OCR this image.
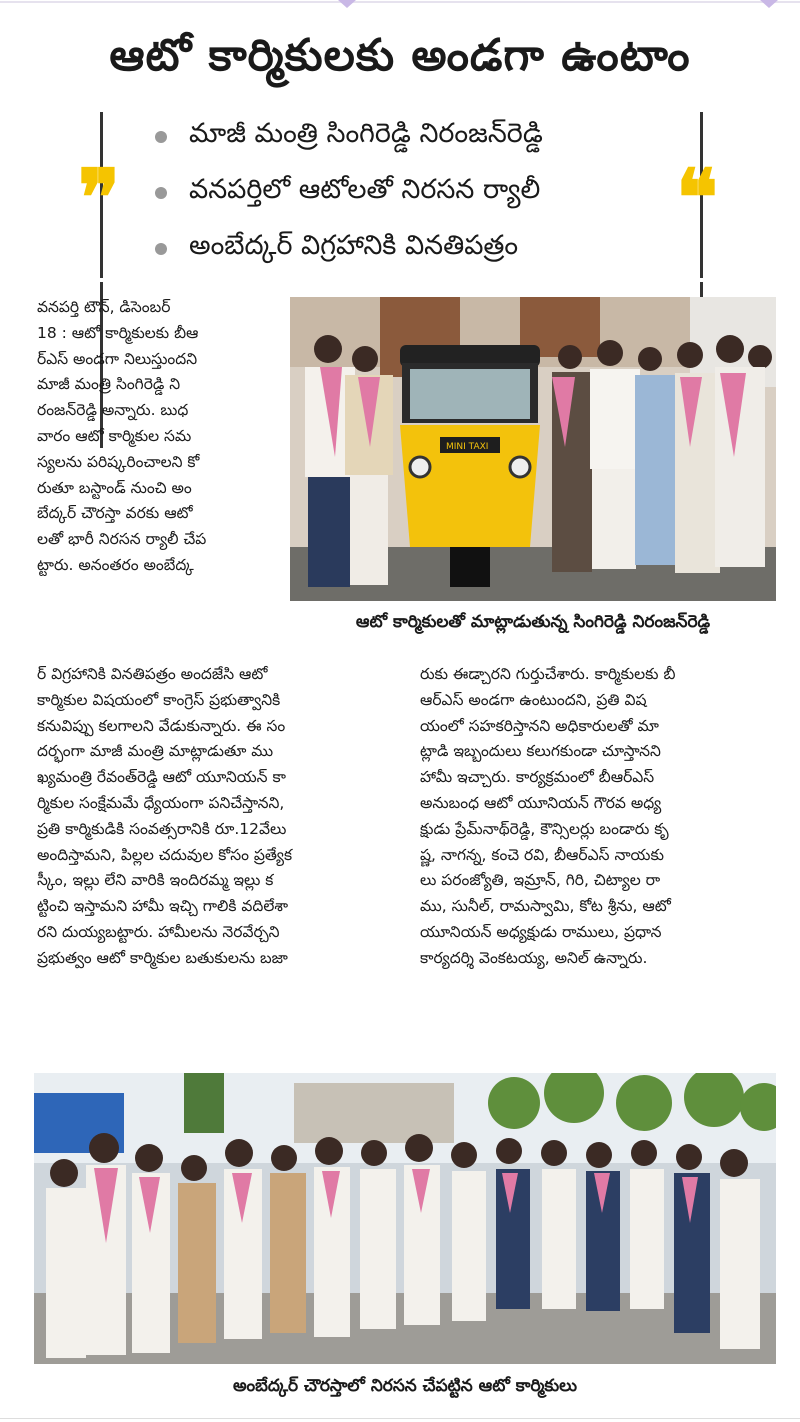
ఆటో కార్మికులకు అండగా ఉంటాం
❞	❝
మాజీ మంత్రి సింగిరెడ్డి నిరంజన్‌రెడ్డి
వనపర్తిలో ఆటోలతో నిరసన ర్యాలీ
అంబేద్కర్ విగ్రహానికి వినతిపత్రం
MINI TAXI
ఆటో కార్మికులతో మాట్లాడుతున్న సింగిరెడ్డి నిరంజన్‌రెడ్డి

వనపర్తి టౌన్, డిసెంబర్

18 : ఆటో కార్మికులకు బీఆ

ర్‌ఎస్ అండగా నిలుస్తుందని

మాజీ మంత్రి సింగిరెడ్డి ని

రంజన్‌రెడ్డి అన్నారు. బుధ

వారం ఆటో కార్మికుల సమ

స్యలను పరిష్కరించాలని కో

రుతూ బస్టాండ్ నుంచి అం

బేద్కర్ చౌరస్తా వరకు ఆటో

లతో భారీ నిరసన ర్యాలీ చేప

ట్టారు. అనంతరం అంబేద్క

ర్ విగ్రహానికి వినతిపత్రం అందజేసి ఆటో

కార్మికుల విషయంలో కాంగ్రెస్ ప్రభుత్వానికి

కనువిప్పు కలగాలని వేడుకున్నారు. ఈ సం

దర్భంగా మాజీ మంత్రి మాట్లాడుతూ ము

ఖ్యమంత్రి రేవంత్‌రెడ్డి ఆటో యూనియన్ కా

ర్మికుల సంక్షేమమే ధ్యేయంగా పనిచేస్తానని,

ప్రతి కార్మికుడికి సంవత్సరానికి రూ.12వేలు

అందిస్తామని, పిల్లల చదువుల కోసం ప్రత్యేక

స్కీం, ఇల్లు లేని వారికి ఇందిరమ్మ ఇల్లు క

ట్టించి ఇస్తామని హామీ ఇచ్చి గాలికి వదిలేశా

రని దుయ్యబట్టారు. హామీలను నెరవేర్చని

ప్రభుత్వం ఆటో కార్మికుల బతుకులను బజా

రుకు ఈడ్చారని గుర్తుచేశారు. కార్మికులకు బీ

ఆర్‌ఎస్ అండగా ఉంటుందని, ప్రతి విష

యంలో సహకరిస్తానని అధికారులతో మా

ట్లాడి ఇబ్బందులు కలుగకుండా చూస్తానని

హామీ ఇచ్చారు. కార్యక్రమంలో బీఆర్‌ఎస్

అనుబంధ ఆటో యూనియన్ గౌరవ అధ్య

క్షుడు ప్రేమ్‌నాథ్‌రెడ్డి, కౌన్సిలర్లు బండారు కృ

ష్ణ, నాగన్న, కంచె రవి, బీఆర్‌ఎస్ నాయకు

లు పరంజ్యోతి, ఇమ్రాన్, గిరి, చిట్యాల రా

ము, సునీల్, రామస్వామి, కోట శ్రీను, ఆటో

యూనియన్ అధ్యక్షుడు రాములు, ప్రధాన

కార్యదర్శి వెంకటయ్య, అనిల్ ఉన్నారు.

అంబేద్కర్ చౌరస్తాలో నిరసన చేపట్టిన ఆటో కార్మికులు
